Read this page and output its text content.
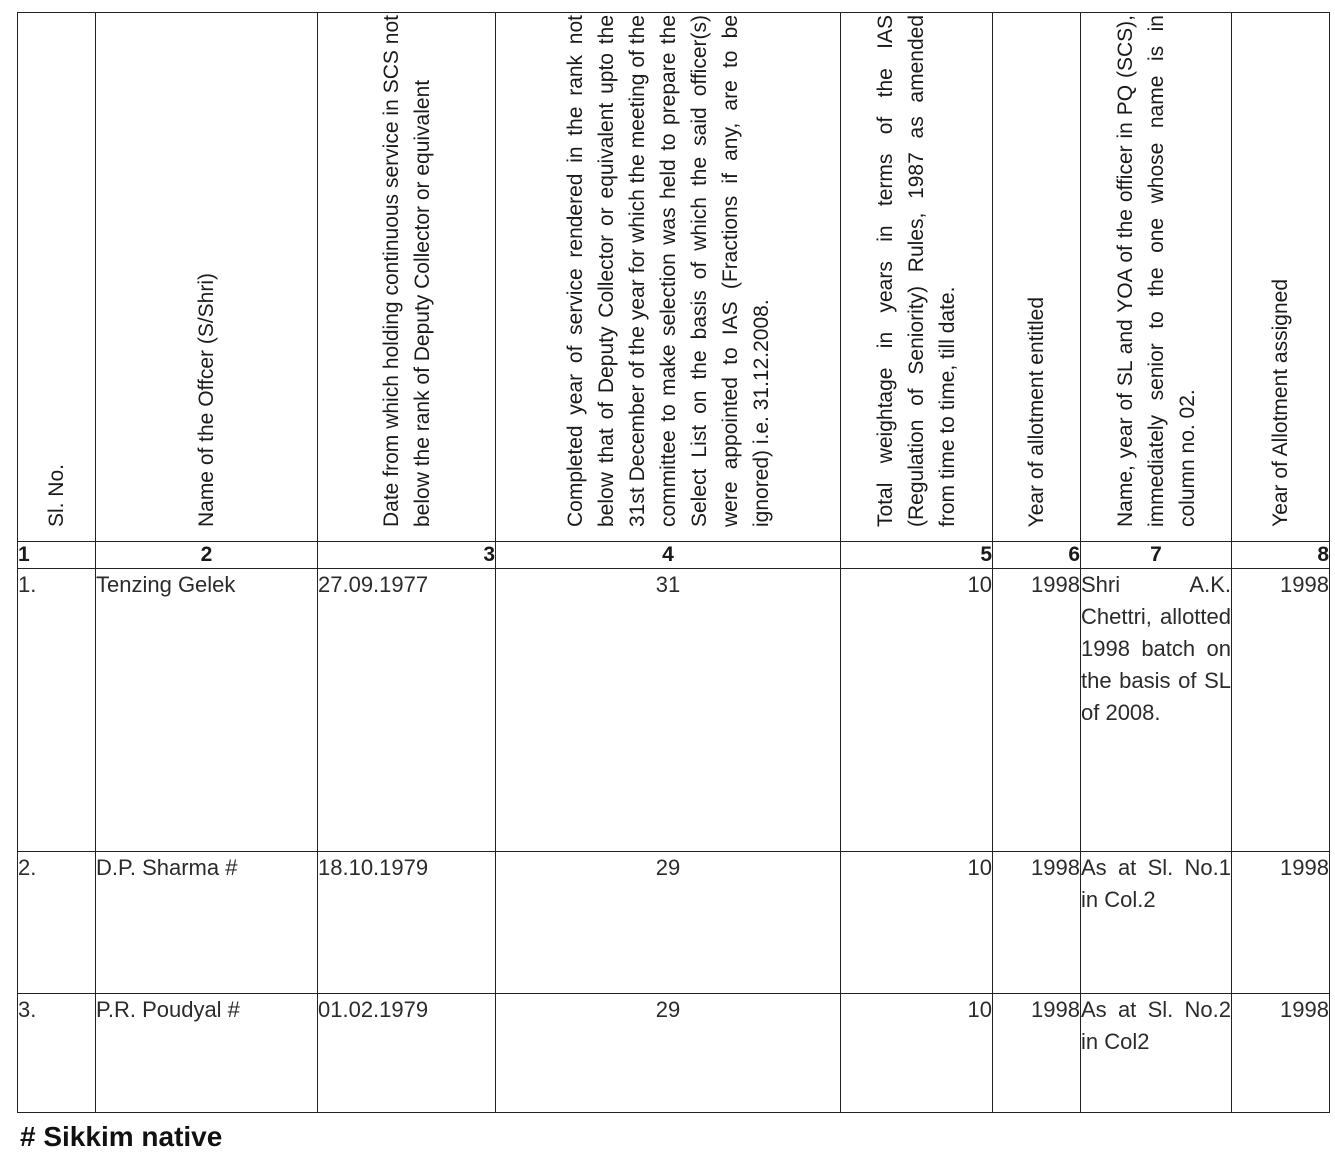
Sl. No.	Name of the Offcer (S/Shri)	Date from which holding continuous service in SCS not below the rank of Deputy Collector or equivalent	Completed year of service rendered in the rank not below that of Deputy Collector or equivalent upto the 31st December of the year for which the meeting of the committee to make selection was held to prepare the Select List on the basis of which the said officer(s) were appointed to IAS (Fractions if any, are to be ignored) i.e. 31.12.2008.	Total weightage in years in terms of the IAS (Regulation of Seniority) Rules, 1987 as amended from time to time, till date.	Year of allotment entitled	Name, year of SL and YOA of the officer in PQ (SCS), immediately senior to the one whose name is in column no. 02.	Year of Allotment assigned

1	2	3	4	5	6	7	8
1.	Tenzing Gelek	27.09.1977	31	10	1998	Shri A.K. Chettri, allotted 1998 batch on the basis of SL of 2008.	1998
2.	D.P. Sharma #	18.10.1979	29	10	1998	As at Sl. No.1 in Col.2	1998
3.	P.R. Poudyal #	01.02.1979	29	10	1998	As at Sl. No.2 in Col2	1998
# Sikkim native
